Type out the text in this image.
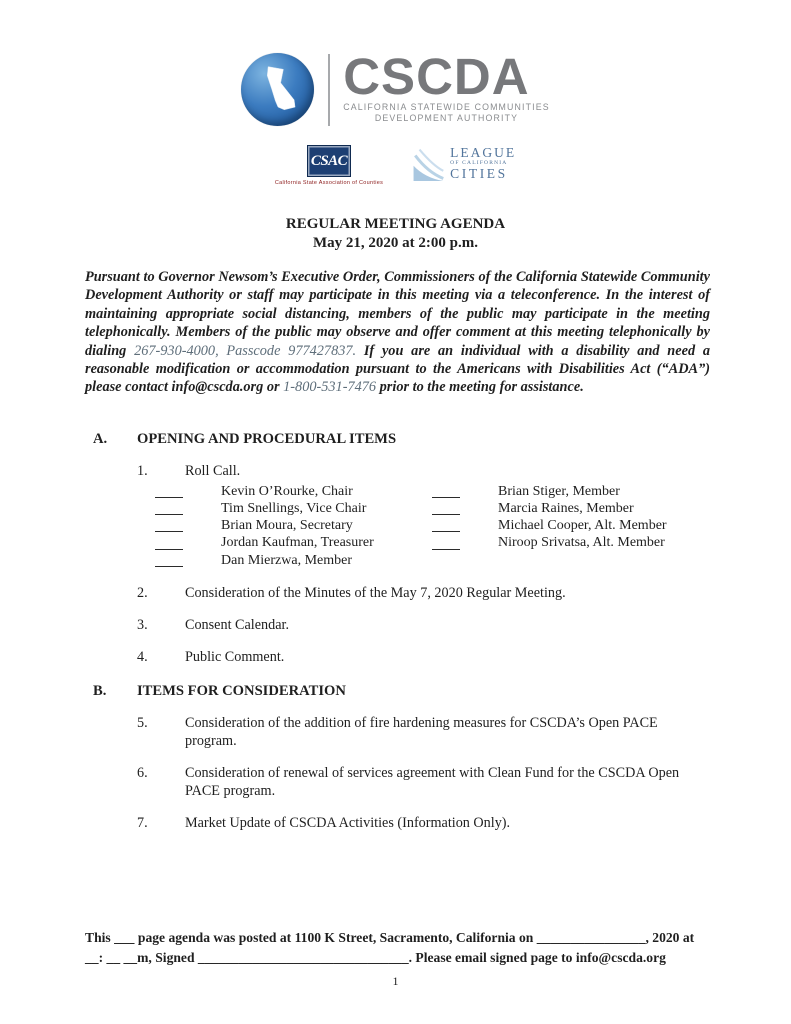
CSCDA
CALIFORNIA STATEWIDE COMMUNITIES
DEVELOPMENT AUTHORITY
CSAC
California State Association of Counties
LEAGUE
OF CALIFORNIA
CITIES
REGULAR MEETING AGENDA
May 21, 2020 at 2:00 p.m.

Pursuant to Governor Newsom’s Executive Order, Commissioners of the California Statewide Community Development Authority or staff may participate in this meeting via a teleconference. In the interest of maintaining appropriate social distancing, members of the public may participate in the meeting telephonically. Members of the public may observe and offer comment at this meeting telephonically by dialing 267-930-4000, Passcode 977427837. If you are an individual with a disability and need a reasonable modification or accommodation pursuant to the Americans with Disabilities Act (“ADA”) please contact info@cscda.org or 1-800-531-7476 prior to the meeting for assistance.

A.	OPENING AND PROCEDURAL ITEMS
1.	Roll Call.
Kevin O’Rourke, Chair	Brian Stiger, Member
Tim Snellings, Vice Chair	Marcia Raines, Member
Brian Moura, Secretary	Michael Cooper, Alt. Member
Jordan Kaufman, Treasurer	Niroop Srivatsa, Alt. Member
Dan Mierzwa, Member
2.	Consideration of the Minutes of the May 7, 2020 Regular Meeting.
3.	Consent Calendar.
4.	Public Comment.
B.	ITEMS FOR CONSIDERATION
5.	Consideration of the addition of fire hardening measures for CSCDA’s Open PACE program.
6.	Consideration of renewal of services agreement with Clean Fund for the CSCDA Open PACE program.
7.	Market Update of CSCDA Activities (Information Only).
This ___ page agenda was posted at 1100 K Street, Sacramento, California on ________________, 2020 at
__: __ __m, Signed _______________________________. Please email signed page to info@cscda.org
1
